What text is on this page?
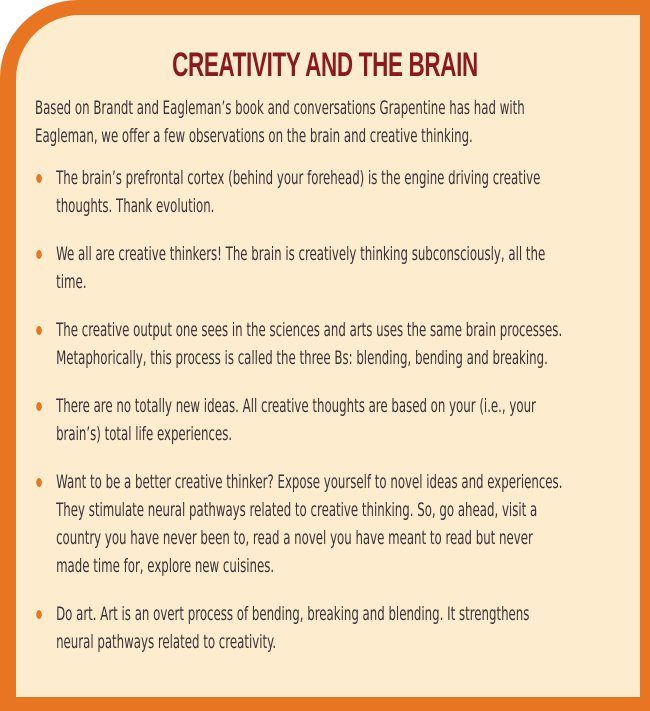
CREATIVITY AND THE BRAIN

Based on Brandt and Eagleman’s book and conversations Grapentine has had with
Eagleman, we offer a few observations on the brain and creative thinking.

The brain’s prefrontal cortex (behind your forehead) is the engine driving creative
thoughts. Thank evolution.
We all are creative thinkers! The brain is creatively thinking subconsciously, all the
time.
The creative output one sees in the sciences and arts uses the same brain processes.
Metaphorically, this process is called the three Bs: blending, bending and breaking.
There are no totally new ideas. All creative thoughts are based on your (i.e., your
brain’s) total life experiences.
Want to be a better creative thinker? Expose yourself to novel ideas and experiences.
They stimulate neural pathways related to creative thinking. So, go ahead, visit a
country you have never been to, read a novel you have meant to read but never
made time for, explore new cuisines.
Do art. Art is an overt process of bending, breaking and blending. It strengthens
neural pathways related to creativity.
